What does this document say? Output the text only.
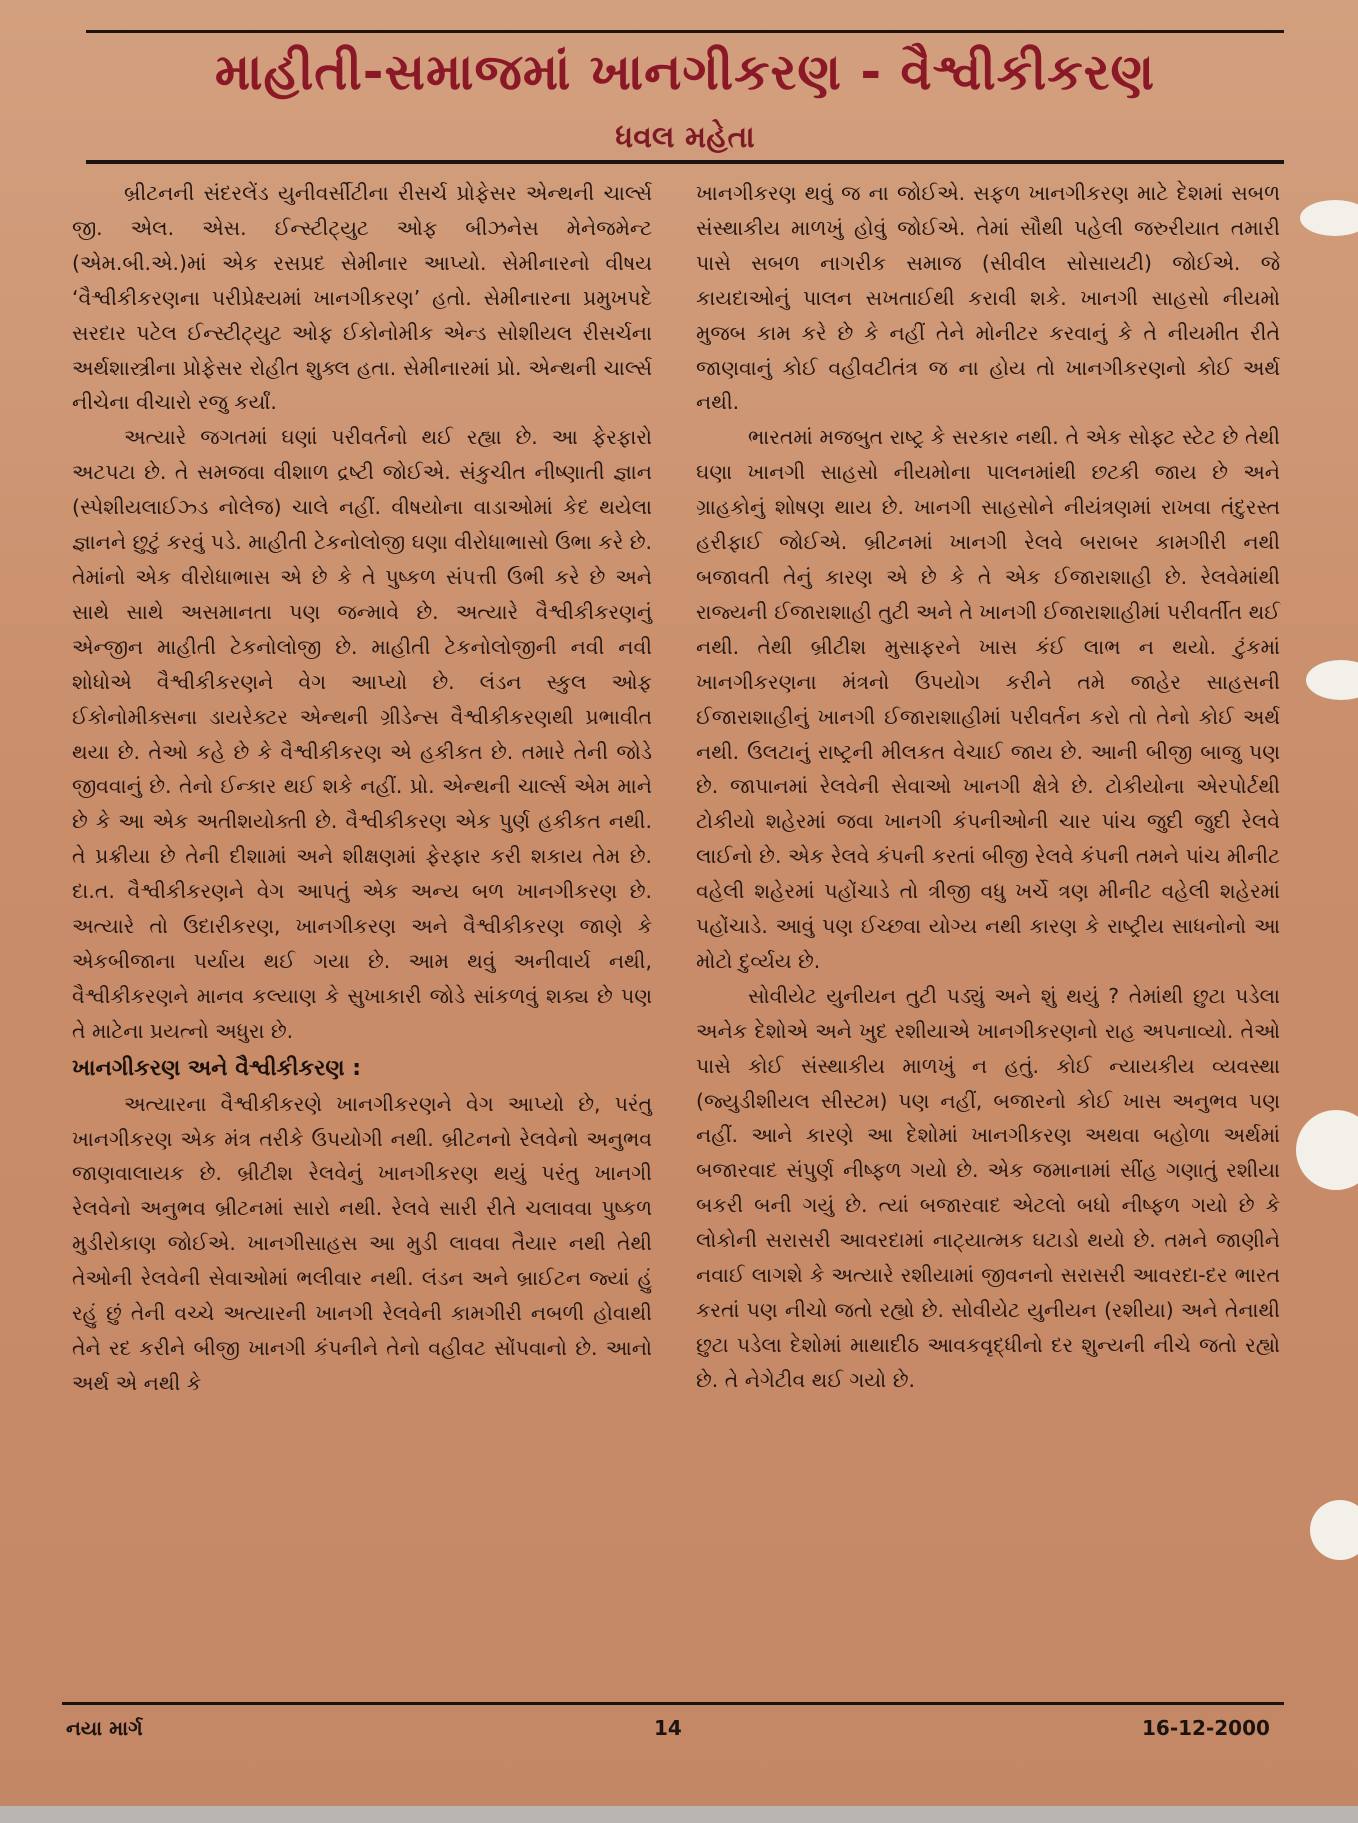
માહીતી-સમાજમાં ખાનગીકરણ - વૈશ્વીકીકરણ
ધવલ મહેતા

બ્રીટનની સંદરલેંડ યુનીવર્સીટીના રીસર્ચ પ્રોફેસર એન્થની ચાર્લ્સ જી. એલ. એસ. ઈન્સ્ટીટ્યુટ ઓફ બીઝનેસ મેનેજમેન્ટ (એમ.બી.એ.)માં એક રસપ્રદ સેમીનાર આપ્યો. સેમીનારનો વીષય ‘વૈશ્વીકીકરણના પરીપ્રેક્ષ્યમાં ખાનગીકરણ’ હતો. સેમીનારના પ્રમુખપદે સરદાર પટેલ ઈન્સ્ટીટ્યુટ ઓફ ઈકોનોમીક એન્ડ સોશીયલ રીસર્ચના અર્થશાસ્ત્રીના પ્રોફેસર રોહીત શુક્લ હતા. સેમીનારમાં પ્રો. એન્થની ચાર્લ્સ નીચેના વીચારો રજુ કર્યાં.

અત્યારે જગતમાં ઘણાં પરીવર્તનો થઈ રહ્યા છે. આ ફેરફારો અટપટા છે. તે સમજવા વીશાળ દ્રષ્ટી જોઈએ. સંકુચીત નીષ્ણાતી જ્ઞાન (સ્પેશીયલાઈઝ્ડ નોલેજ) ચાલે નહીં. વીષયોના વાડાઓમાં કેદ થયેલા જ્ઞાનને છુટું કરવું પડે. માહીતી ટેકનોલોજી ઘણા વીરોધાભાસો ઉભા કરે છે. તેમાંનો એક વીરોધાભાસ એ છે કે તે પુષ્કળ સંપત્તી ઉભી કરે છે અને સાથે સાથે અસમાનતા પણ જન્માવે છે. અત્યારે વૈશ્વીકીકરણનું એન્જીન માહીતી ટેકનોલોજી છે. માહીતી ટેકનોલોજીની નવી નવી શોધોએ વૈશ્વીકીકરણને વેગ આપ્યો છે. લંડન સ્કુલ ઓફ ઈકોનોમીક્સના ડાયરેક્ટર એન્થની ગ્રીડેન્સ વૈશ્વીકીકરણથી પ્રભાવીત થયા છે. તેઓ કહે છે કે વૈશ્વીકીકરણ એ હકીકત છે. તમારે તેની જોડે જીવવાનું છે. તેનો ઈન્કાર થઈ શકે નહીં. પ્રો. એન્થની ચાર્લ્સ એમ માને છે કે આ એક અતીશયોક્તી છે. વૈશ્વીકીકરણ એક પુર્ણ હકીકત નથી. તે પ્રક્રીયા છે તેની દીશામાં અને શીક્ષણમાં ફેરફાર કરી શકાય તેમ છે. દા.ત. વૈશ્વીકીકરણને વેગ આપતું એક અન્ય બળ ખાનગીકરણ છે. અત્યારે તો ઉદારીકરણ, ખાનગીકરણ અને વૈશ્વીકીકરણ જાણે કે એકબીજાના પર્યાય થઈ ગયા છે. આમ થવું અનીવાર્ય નથી, વૈશ્વીકીકરણને માનવ કલ્યાણ કે સુખાકારી જોડે સાંકળવું શક્ય છે પણ તે માટેના પ્રયત્નો અધુરા છે.

ખાનગીકરણ અને વૈશ્વીકીકરણ :

અત્યારના વૈશ્વીકીકરણે ખાનગીકરણને વેગ આપ્યો છે, પરંતુ ખાનગીકરણ એક મંત્ર તરીકે ઉપયોગી નથી. બ્રીટનનો રેલવેનો અનુભવ જાણવાલાયક છે. બ્રીટીશ રેલવેનું ખાનગીકરણ થયું પરંતુ ખાનગી રેલવેનો અનુભવ બ્રીટનમાં સારો નથી. રેલવે સારી રીતે ચલાવવા પુષ્કળ મુડીરોકાણ જોઈએ. ખાનગીસાહસ આ મુડી લાવવા તૈયાર નથી તેથી તેઓની રેલવેની સેવાઓમાં ભલીવાર નથી. લંડન અને બ્રાઈટન જ્યાં હું રહું છું તેની વચ્ચે અત્યારની ખાનગી રેલવેની કામગીરી નબળી હોવાથી તેને રદ કરીને બીજી ખાનગી કંપનીને તેનો વહીવટ સોંપવાનો છે. આનો અર્થ એ નથી કે

ખાનગીકરણ થવું જ ના જોઈએ. સફળ ખાનગીકરણ માટે દેશમાં સબળ સંસ્થાકીય માળખું હોવું જોઈએ. તેમાં સૌથી પહેલી જરુરીયાત તમારી પાસે સબળ નાગરીક સમાજ (સીવીલ સોસાયટી) જોઈએ. જે કાયદાઓનું પાલન સખતાઈથી કરાવી શકે. ખાનગી સાહસો નીયમો મુજબ કામ કરે છે કે નહીં તેને મોનીટર કરવાનું કે તે નીયમીત રીતે જાણવાનું કોઈ વહીવટીતંત્ર જ ના હોય તો ખાનગીકરણનો કોઈ અર્થ નથી.

ભારતમાં મજબુત રાષ્ટ્ર કે સરકાર નથી. તે એક સોફ્ટ સ્ટેટ છે તેથી ઘણા ખાનગી સાહસો નીયમોના પાલનમાંથી છટકી જાય છે અને ગ્રાહકોનું શોષણ થાય છે. ખાનગી સાહસોને નીયંત્રણમાં રાખવા તંદુરસ્ત હરીફાઈ જોઈએ. બ્રીટનમાં ખાનગી રેલવે બરાબર કામગીરી નથી બજાવતી તેનું કારણ એ છે કે તે એક ઈજારાશાહી છે. રેલવેમાંથી રાજ્યની ઈજારાશાહી તુટી અને તે ખાનગી ઈજારાશાહીમાં પરીવર્તીત થઈ નથી. તેથી બ્રીટીશ મુસાફરને ખાસ કંઈ લાભ ન થયો. ટુંકમાં ખાનગીકરણના મંત્રનો ઉપયોગ કરીને તમે જાહેર સાહસની ઈજારાશાહીનું ખાનગી ઈજારાશાહીમાં પરીવર્તન કરો તો તેનો કોઈ અર્થ નથી. ઉલટાનું રાષ્ટ્રની મીલકત વેચાઈ જાય છે. આની બીજી બાજુ પણ છે. જાપાનમાં રેલવેની સેવાઓ ખાનગી ક્ષેત્રે છે. ટોકીયોના એરપોર્ટથી ટોકીયો શહેરમાં જવા ખાનગી કંપનીઓની ચાર પાંચ જુદી જુદી રેલવે લાઈનો છે. એક રેલવે કંપની કરતાં બીજી રેલવે કંપની તમને પાંચ મીનીટ વહેલી શહેરમાં પહોંચાડે તો ત્રીજી વધુ ખર્ચે ત્રણ મીનીટ વહેલી શહેરમાં પહોંચાડે. આવું પણ ઈચ્છવા યોગ્ય નથી કારણ કે રાષ્ટ્રીય સાધનોનો આ મોટો દુર્વ્યય છે.

સોવીયેટ યુનીયન તુટી પડ્યું અને શું થયું ? તેમાંથી છુટા પડેલા અનેક દેશોએ અને ખુદ રશીયાએ ખાનગીકરણનો રાહ અપનાવ્યો. તેઓ પાસે કોઈ સંસ્થાકીય માળખું ન હતું. કોઈ ન્યાયકીય વ્યવસ્થા (જ્યુડીશીયલ સીસ્ટમ) પણ નહીં, બજારનો કોઈ ખાસ અનુભવ પણ નહીં. આને કારણે આ દેશોમાં ખાનગીકરણ અથવા બહોળા અર્થમાં બજારવાદ સંપુર્ણ નીષ્ફળ ગયો છે. એક જમાનામાં સીંહ ગણાતું રશીયા બકરી બની ગયું છે. ત્યાં બજારવાદ એટલો બધો નીષ્ફળ ગયો છે કે લોકોની સરાસરી આવરદામાં નાટ્યાત્મક ઘટાડો થયો છે. તમને જાણીને નવાઈ લાગશે કે અત્યારે રશીયામાં જીવનનો સરાસરી આવરદા-દર ભારત કરતાં પણ નીચો જતો રહ્યો છે. સોવીયેટ યુનીયન (રશીયા) અને તેનાથી છુટા પડેલા દેશોમાં માથાદીઠ આવકવૃદ્ધીનો દર શુન્યની નીચે જતો રહ્યો છે. તે નેગેટીવ થઈ ગયો છે.

નયા માર્ગ	14	16-12-2000
